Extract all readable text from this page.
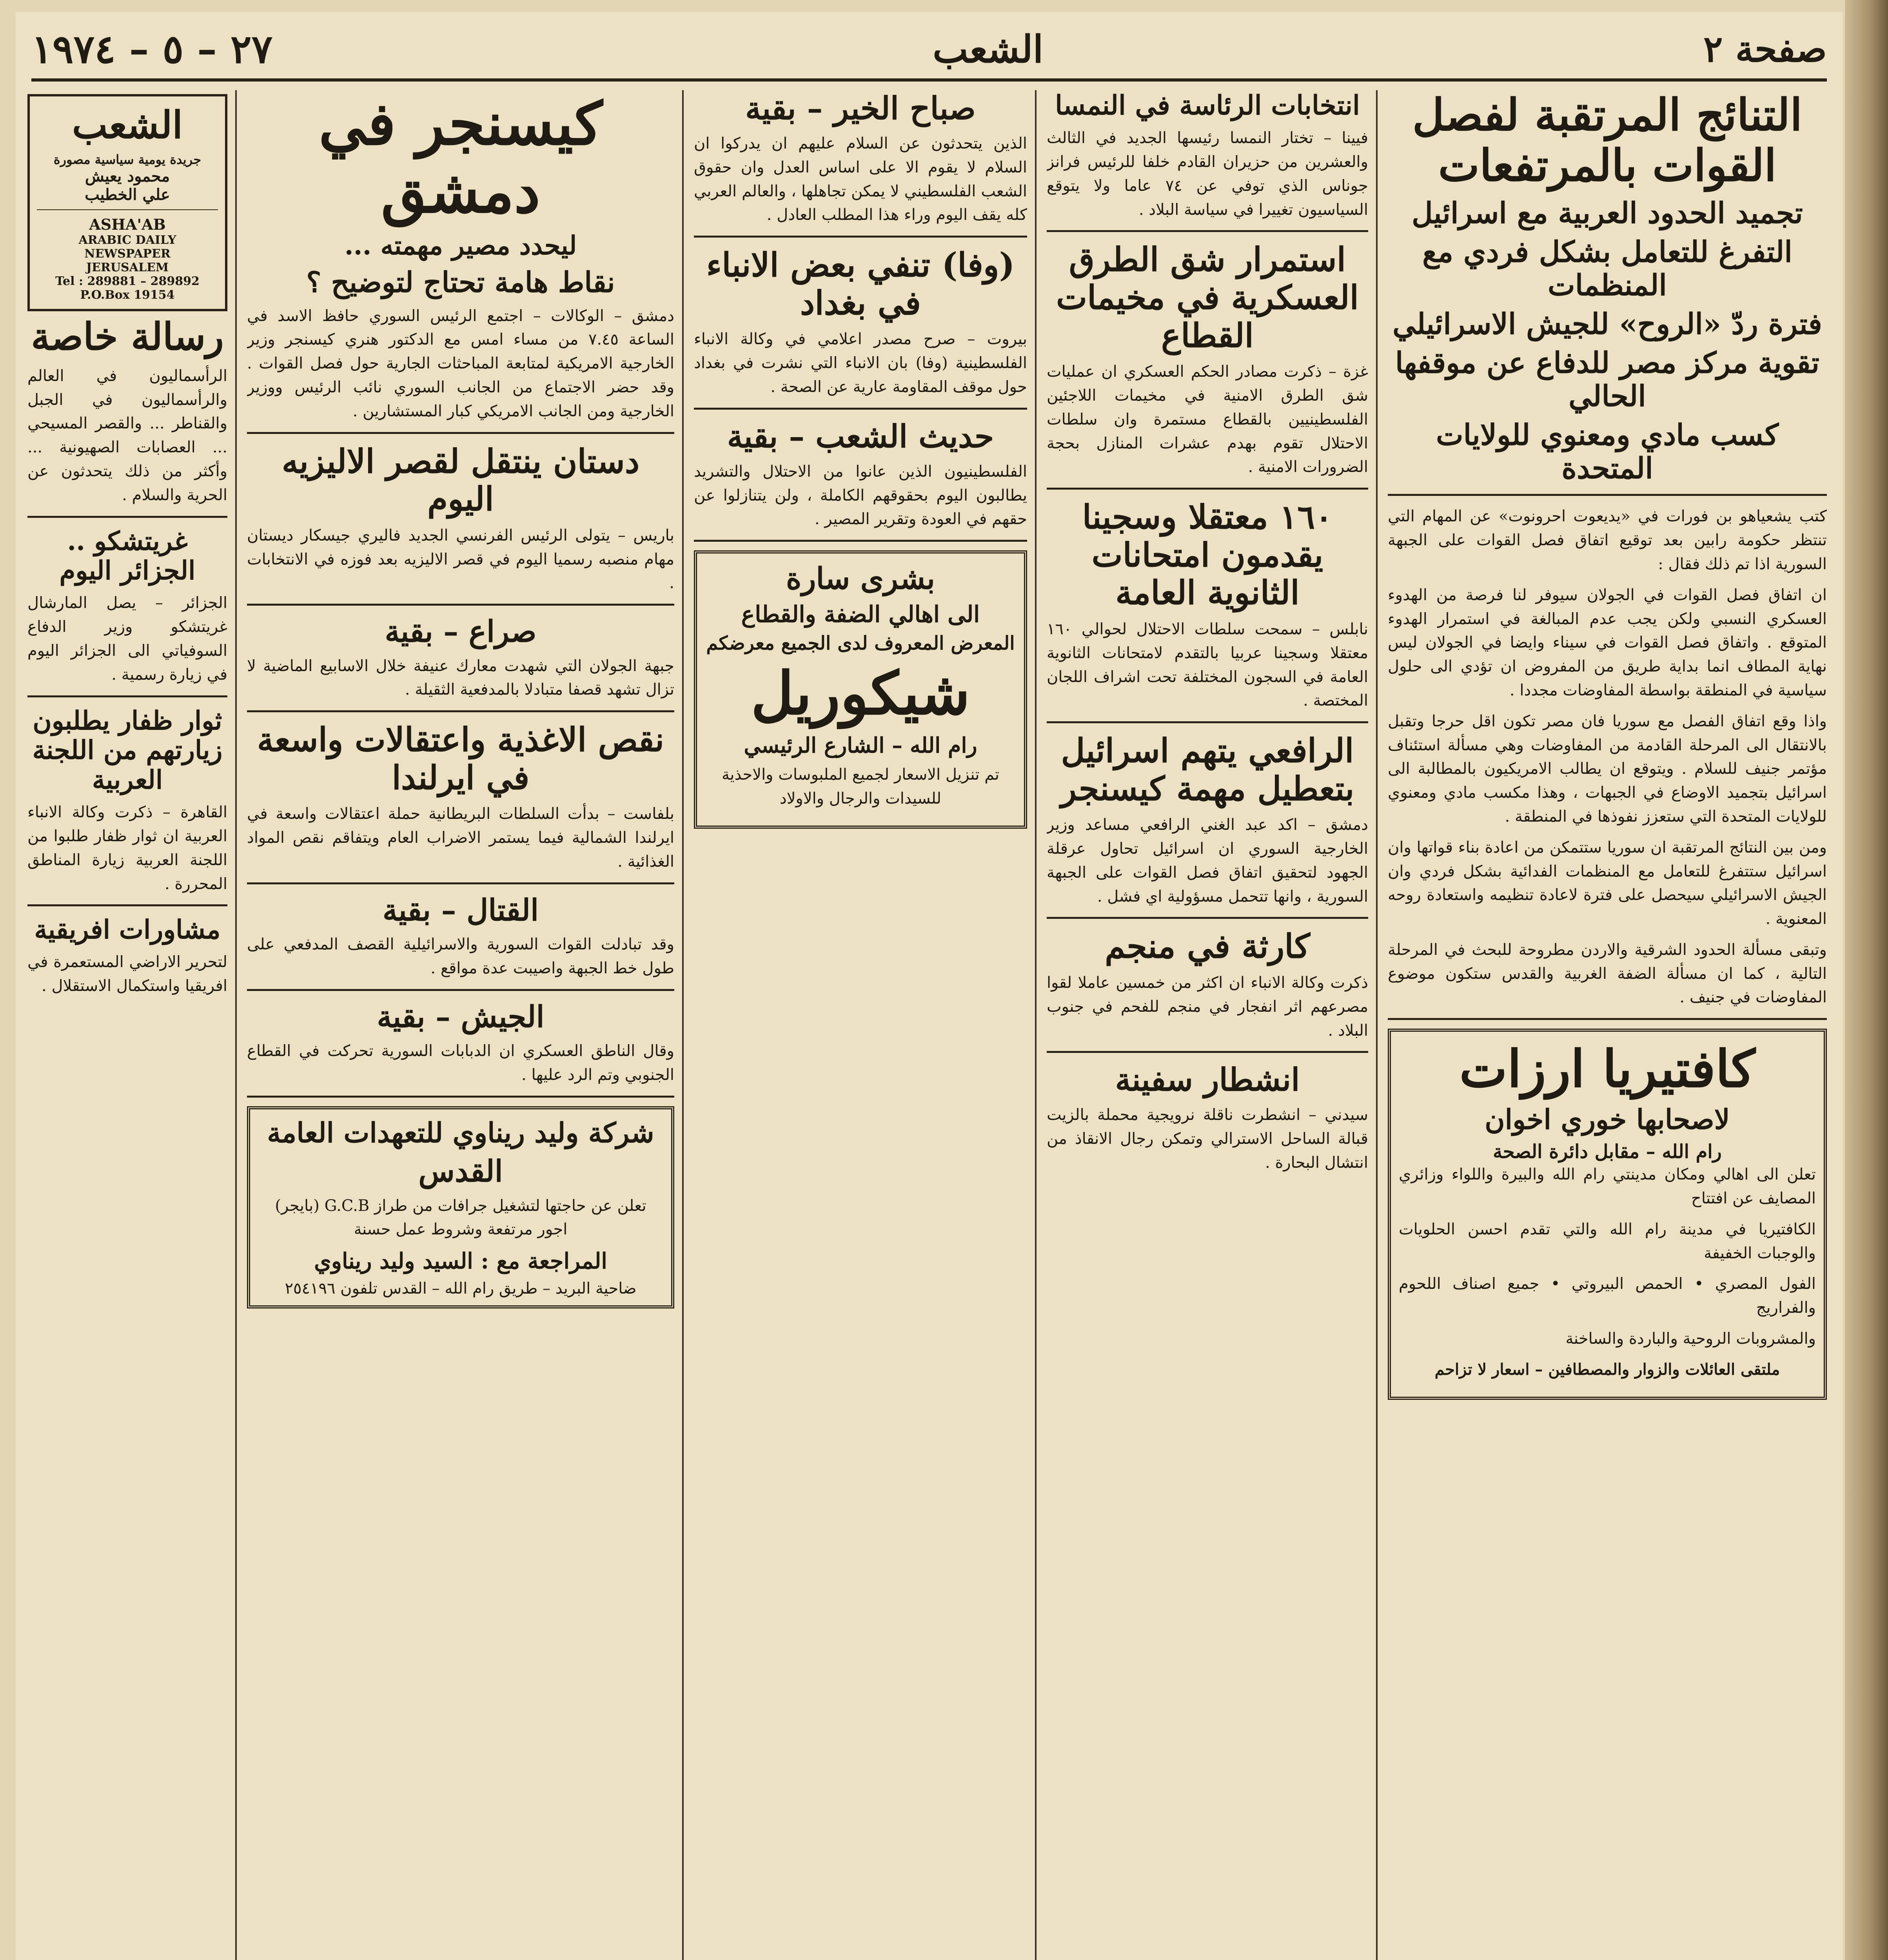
صفحة ٢
الشعب
٢٧ – ٥ – ١٩٧٤
التنائج المرتقبة لفصل القوات بالمرتفعات
تجميد الحدود العربية مع اسرائيل
التفرغ للتعامل بشكل فردي مع المنظمات
فترة ردّ «الروح» للجيش الاسرائيلي
تقوية مركز مصر للدفاع عن موقفها الحالي
كسب مادي ومعنوي للولايات المتحدة

كتب يشعياهو بن فورات في «يديعوت احرونوت» عن المهام التي تنتظر حكومة رابين بعد توقيع اتفاق فصل القوات على الجبهة السورية اذا تم ذلك فقال :

ان اتفاق فصل القوات في الجولان سيوفر لنا فرصة من الهدوء العسكري النسبي ولكن يجب عدم المبالغة في استمرار الهدوء المتوقع . واتفاق فصل القوات في سيناء وايضا في الجولان ليس نهاية المطاف انما بداية طريق من المفروض ان تؤدي الى حلول سياسية في المنطقة بواسطة المفاوضات مجددا .

واذا وقع اتفاق الفصل مع سوريا فان مصر تكون اقل حرجا وتقبل بالانتقال الى المرحلة القادمة من المفاوضات وهي مسألة استئناف مؤتمر جنيف للسلام . ويتوقع ان يطالب الامريكيون بالمطالبة الى اسرائيل بتجميد الاوضاع في الجبهات ، وهذا مكسب مادي ومعنوي للولايات المتحدة التي ستعزز نفوذها في المنطقة .

ومن بين النتائج المرتقبة ان سوريا ستتمكن من اعادة بناء قواتها وان اسرائيل ستتفرغ للتعامل مع المنظمات الفدائية بشكل فردي وان الجيش الاسرائيلي سيحصل على فترة لاعادة تنظيمه واستعادة روحه المعنوية .

وتبقى مسألة الحدود الشرقية والاردن مطروحة للبحث في المرحلة التالية ، كما ان مسألة الضفة الغربية والقدس ستكون موضوع المفاوضات في جنيف .

كافتيريا ارزات
لاصحابها خوري اخوان
رام الله – مقابل دائرة الصحة

تعلن الى اهالي ومكان مدينتي رام الله والبيرة واللواء وزائري المصايف عن افتتاح

الكافتيريا في مدينة رام الله والتي تقدم احسن الحلويات والوجبات الخفيفة

الفول المصري • الحمص البيروتي • جميع اصناف اللحوم والفراريج

والمشروبات الروحية والباردة والساخنة

ملتقى العائلات والزوار والمصطافين – اسعار لا تزاحم

انتخابات الرئاسة في النمسا

فيينا – تختار النمسا رئيسها الجديد في الثالث والعشرين من حزيران القادم خلفا للرئيس فرانز جوناس الذي توفي عن ٧٤ عاما ولا يتوقع السياسيون تغييرا في سياسة البلاد .

استمرار شق الطرق العسكرية في مخيمات القطاع

غزة – ذكرت مصادر الحكم العسكري ان عمليات شق الطرق الامنية في مخيمات اللاجئين الفلسطينيين بالقطاع مستمرة وان سلطات الاحتلال تقوم بهدم عشرات المنازل بحجة الضرورات الامنية .

١٦٠ معتقلا وسجينا يقدمون امتحانات الثانوية العامة

نابلس – سمحت سلطات الاحتلال لحوالي ١٦٠ معتقلا وسجينا عربيا بالتقدم لامتحانات الثانوية العامة في السجون المختلفة تحت اشراف اللجان المختصة .

الرافعي يتهم اسرائيل بتعطيل مهمة كيسنجر

دمشق – اكد عبد الغني الرافعي مساعد وزير الخارجية السوري ان اسرائيل تحاول عرقلة الجهود لتحقيق اتفاق فصل القوات على الجبهة السورية ، وانها تتحمل مسؤولية اي فشل .

كارثة في منجم

ذكرت وكالة الانباء ان اكثر من خمسين عاملا لقوا مصرعهم اثر انفجار في منجم للفحم في جنوب البلاد .

انشطار سفينة

سيدني – انشطرت ناقلة نرويجية محملة بالزيت قبالة الساحل الاسترالي وتمكن رجال الانقاذ من انتشال البحارة .

صباح الخير – بقية

الذين يتحدثون عن السلام عليهم ان يدركوا ان السلام لا يقوم الا على اساس العدل وان حقوق الشعب الفلسطيني لا يمكن تجاهلها ، والعالم العربي كله يقف اليوم وراء هذا المطلب العادل .

(وفا) تنفي بعض الانباء في بغداد

بيروت – صرح مصدر اعلامي في وكالة الانباء الفلسطينية (وفا) بان الانباء التي نشرت في بغداد حول موقف المقاومة عارية عن الصحة .

حديث الشعب – بقية

الفلسطينيون الذين عانوا من الاحتلال والتشريد يطالبون اليوم بحقوقهم الكاملة ، ولن يتنازلوا عن حقهم في العودة وتقرير المصير .

بشرى سارة
الى اهالي الضفة والقطاع
المعرض المعروف لدى الجميع معرضكم
شيكوريل
رام الله – الشارع الرئيسي

تم تنزيل الاسعار لجميع الملبوسات والاحذية للسيدات والرجال والاولاد

كيسنجر في دمشق
ليحدد مصير مهمته ...
نقاط هامة تحتاج لتوضيح ؟

دمشق – الوكالات – اجتمع الرئيس السوري حافظ الاسد في الساعة ٧.٤٥ من مساء امس مع الدكتور هنري كيسنجر وزير الخارجية الامريكية لمتابعة المباحثات الجارية حول فصل القوات . وقد حضر الاجتماع من الجانب السوري نائب الرئيس ووزير الخارجية ومن الجانب الامريكي كبار المستشارين .

دستان ينتقل لقصر الاليزيه اليوم

باريس – يتولى الرئيس الفرنسي الجديد فاليري جيسكار ديستان مهام منصبه رسميا اليوم في قصر الاليزيه بعد فوزه في الانتخابات .

صراع – بقية

جبهة الجولان التي شهدت معارك عنيفة خلال الاسابيع الماضية لا تزال تشهد قصفا متبادلا بالمدفعية الثقيلة .

نقص الاغذية واعتقالات واسعة في ايرلندا

بلفاست – بدأت السلطات البريطانية حملة اعتقالات واسعة في ايرلندا الشمالية فيما يستمر الاضراب العام ويتفاقم نقص المواد الغذائية .

القتال – بقية

وقد تبادلت القوات السورية والاسرائيلية القصف المدفعي على طول خط الجبهة واصيبت عدة مواقع .

الجيش – بقية

وقال الناطق العسكري ان الدبابات السورية تحركت في القطاع الجنوبي وتم الرد عليها .

شركة وليد ريناوي للتعهدات العامة
القدس

تعلن عن حاجتها لتشغيل جرافات من طراز G.C.B (بايجر) اجور مرتفعة وشروط عمل حسنة

المراجعة مع : السيد وليد ريناوي
ضاحية البريد – طريق رام الله – القدس تلفون ٢٥٤١٩٦
الشعب
جريدة يومية سياسية مصورة
محمود يعيش
علي الخطيب
ASHA'AB
ARABIC DAILY NEWSPAPER
JERUSALEM
Tel : 289881 – 289892
P.O.Box 19154
رسالة خاصة

الرأسماليون في العالم والرأسماليون في الجبل والقناطر ... والقصر المسيحي ... العصابات الصهيونية ... وأكثر من ذلك يتحدثون عن الحرية والسلام .

غريتشكو .. الجزائر اليوم

الجزائر – يصل المارشال غريتشكو وزير الدفاع السوفياتي الى الجزائر اليوم في زيارة رسمية .

ثوار ظفار يطلبون زيارتهم من اللجنة العربية

القاهرة – ذكرت وكالة الانباء العربية ان ثوار ظفار طلبوا من اللجنة العربية زيارة المناطق المحررة .

مشاورات افريقية

لتحرير الاراضي المستعمرة في افريقيا واستكمال الاستقلال .
